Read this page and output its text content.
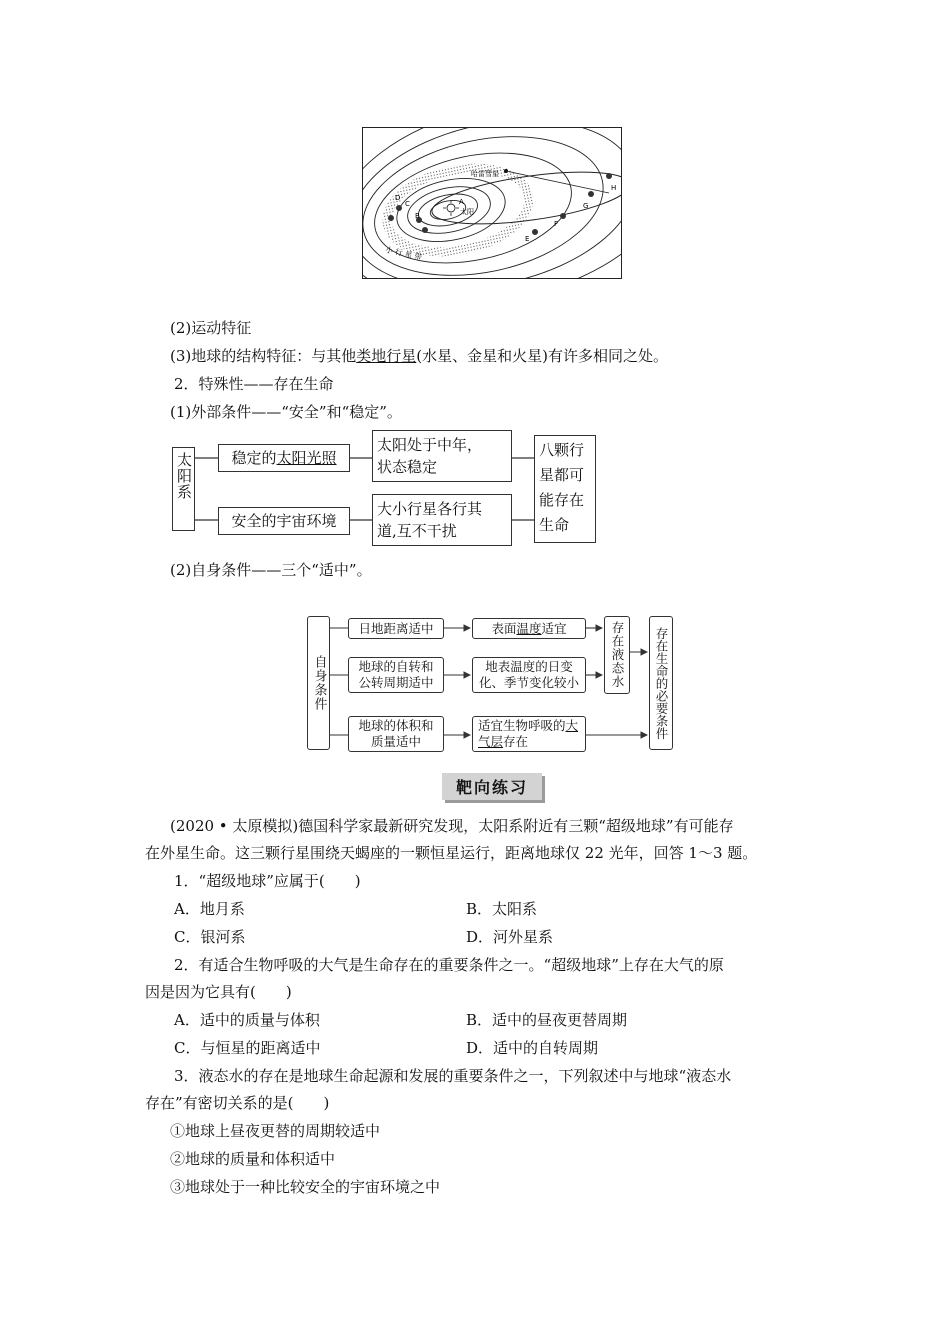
哈雷彗星
A
太阳
B
C
D
E
F
G
H
小 行 星 带
(2)运动特征
(3)地球的结构特征：与其他类地行星(水星、金星和火星)有许多相同之处。
2．特殊性——存在生命
(1)外部条件——“安全”和“稳定”。
太阳系	稳定的太阳光照
太阳处于中年，
状态稳定
安全的宇宙环境
大小行星各行其
道,互不干扰
八颗行
星都可
能存在
生命
(2)自身条件——三个“适中”。
自身条件
日地距离适中	表面 温度 适宜
地球的自转和
公转周期适中
地表温度的日变
化、季节变化较小 存在液态水
地球的体积和
质量适中
适宜生物呼吸的大
气层存在
存在生命的必要条件
靶向练习
(2020 • 太原模拟)德国科学家最新研究发现，太阳系附近有三颗“超级地球”有可能存
在外星生命。这三颗行星围绕天蝎座的一颗恒星运行，距离地球仅 22 光年，回答 1～3 题。
1．“超级地球”应属于(　　)
A．地月系	B．太阳系
C．银河系	D．河外星系
2．有适合生物呼吸的大气是生命存在的重要条件之一。“超级地球”上存在大气的原
因是因为它具有(　　)
A．适中的质量与体积	B．适中的昼夜更替周期
C．与恒星的距离适中	D．适中的自转周期
3．液态水的存在是地球生命起源和发展的重要条件之一，下列叙述中与地球“液态水
存在”有密切关系的是(　　)
①地球上昼夜更替的周期较适中
②地球的质量和体积适中
③地球处于一种比较安全的宇宙环境之中
